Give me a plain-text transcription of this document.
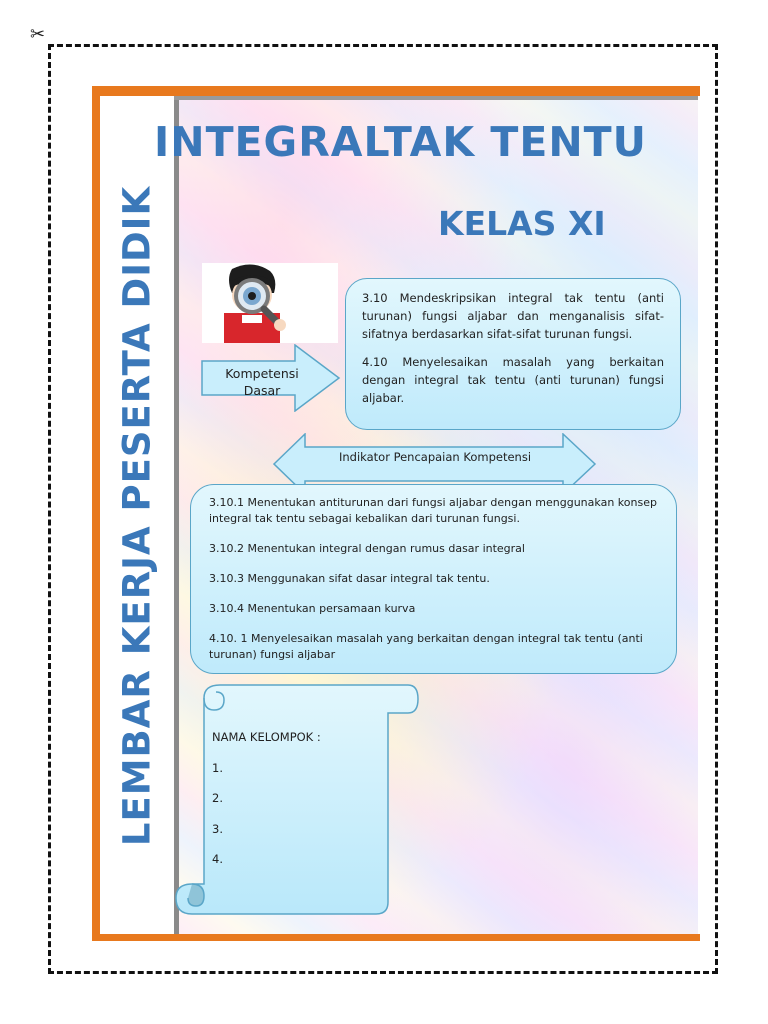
✂
LEMBAR KERJA PESERTA DIDIK
INTEGRALTAK TENTU
KELAS XI
Kompetensi
Dasar

3.10 Mendeskripsikan integral tak tentu (anti turunan) fungsi aljabar dan menganalisis sifat-sifatnya berdasarkan sifat-sifat turunan fungsi.

4.10 Menyelesaikan masalah yang berkaitan dengan integral tak tentu (anti turunan) fungsi aljabar.

Indikator Pencapaian Kompetensi

3.10.1 Menentukan antiturunan dari fungsi aljabar dengan menggunakan konsep integral tak tentu sebagai kebalikan dari turunan fungsi.

3.10.2 Menentukan integral dengan rumus dasar integral

3.10.3 Menggunakan sifat dasar integral tak tentu.

3.10.4 Menentukan persamaan kurva

4.10. 1 Menyelesaikan masalah yang berkaitan dengan integral tak tentu (anti turunan) fungsi aljabar

NAMA KELOMPOK :
1.
2.
3.
4.
